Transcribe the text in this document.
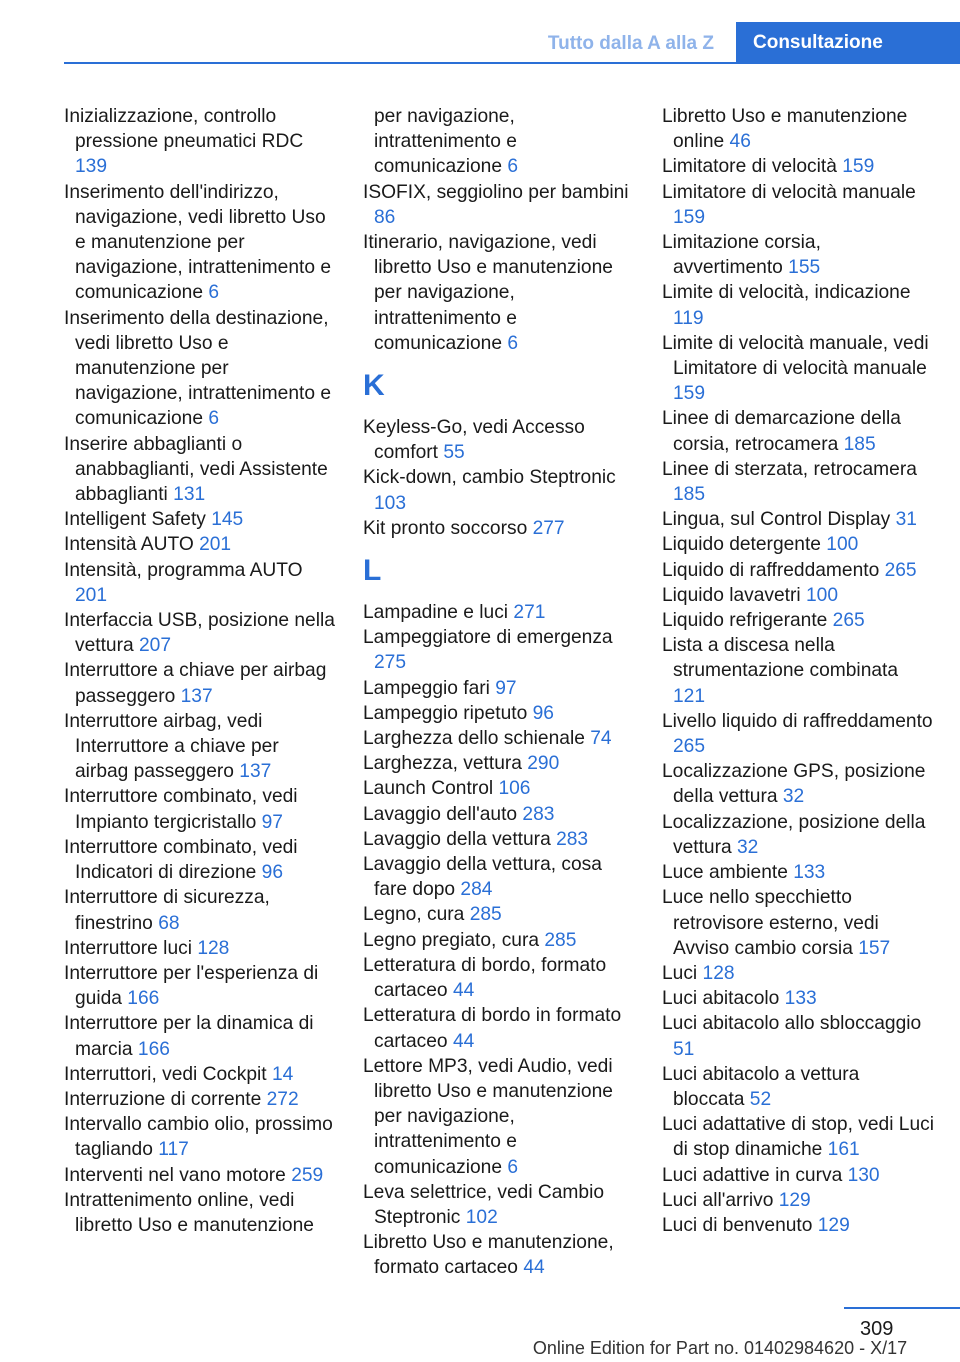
Tutto dalla A alla Z	Consultazione
Inizializzazione, controllo pressione pneumatici RDC 139
Inserimento dell'indirizzo, navigazione, vedi libretto Uso e manutenzione per navigazione, intrattenimento e comunicazione 6
Inserimento della destinazione, vedi libretto Uso e manutenzione per navigazione, intrattenimento e comunicazione 6
Inserire abbaglianti o anabbaglianti, vedi Assistente abbaglianti 131
Intelligent Safety 145
Intensità AUTO 201
Intensità, programma AUTO 201
Interfaccia USB, posizione nella vettura 207
Interruttore a chiave per airbag passeggero 137
Interruttore airbag, vedi Interruttore a chiave per airbag passeggero 137
Interruttore combinato, vedi Impianto tergicristallo 97
Interruttore combinato, vedi Indicatori di direzione 96
Interruttore di sicurezza, finestrino 68
Interruttore luci 128
Interruttore per l'esperienza di guida 166
Interruttore per la dinamica di marcia 166
Interruttori, vedi Cockpit 14
Interruzione di corrente 272
Intervallo cambio olio, prossimo tagliando 117
Interventi nel vano motore 259
Intrattenimento online, vedi libretto Uso e manutenzione
per navigazione, intrattenimento e comunicazione 6
ISOFIX, seggiolino per bambini 86
Itinerario, navigazione, vedi libretto Uso e manutenzione per navigazione, intrattenimento e comunicazione 6
K
Keyless-Go, vedi Accesso comfort 55
Kick-down, cambio Steptronic 103
Kit pronto soccorso 277
L
Lampadine e luci 271
Lampeggiatore di emergenza 275
Lampeggio fari 97
Lampeggio ripetuto 96
Larghezza dello schienale 74
Larghezza, vettura 290
Launch Control 106
Lavaggio dell'auto 283
Lavaggio della vettura 283
Lavaggio della vettura, cosa fare dopo 284
Legno, cura 285
Legno pregiato, cura 285
Letteratura di bordo, formato cartaceo 44
Letteratura di bordo in formato cartaceo 44
Lettore MP3, vedi Audio, vedi libretto Uso e manutenzione per navigazione, intrattenimento e comunicazione 6
Leva selettrice, vedi Cambio Steptronic 102
Libretto Uso e manutenzione, formato cartaceo 44
Libretto Uso e manutenzione online 46
Limitatore di velocità 159
Limitatore di velocità manuale 159
Limitazione corsia, avvertimento 155
Limite di velocità, indicazione 119
Limite di velocità manuale, vedi Limitatore di velocità manuale 159
Linee di demarcazione della corsia, retrocamera 185
Linee di sterzata, retrocamera 185
Lingua, sul Control Display 31
Liquido detergente 100
Liquido di raffreddamento 265
Liquido lavavetri 100
Liquido refrigerante 265
Lista a discesa nella strumentazione combinata 121
Livello liquido di raffreddamento 265
Localizzazione GPS, posizione della vettura 32
Localizzazione, posizione della vettura 32
Luce ambiente 133
Luce nello specchietto retrovisore esterno, vedi Avviso cambio corsia 157
Luci 128
Luci abitacolo 133
Luci abitacolo allo sbloccaggio 51
Luci abitacolo a vettura bloccata 52
Luci adattative di stop, vedi Luci di stop dinamiche 161
Luci adattive in curva 130
Luci all'arrivo 129
Luci di benvenuto 129
309
Online Edition for Part no. 01402984620 - X/17
